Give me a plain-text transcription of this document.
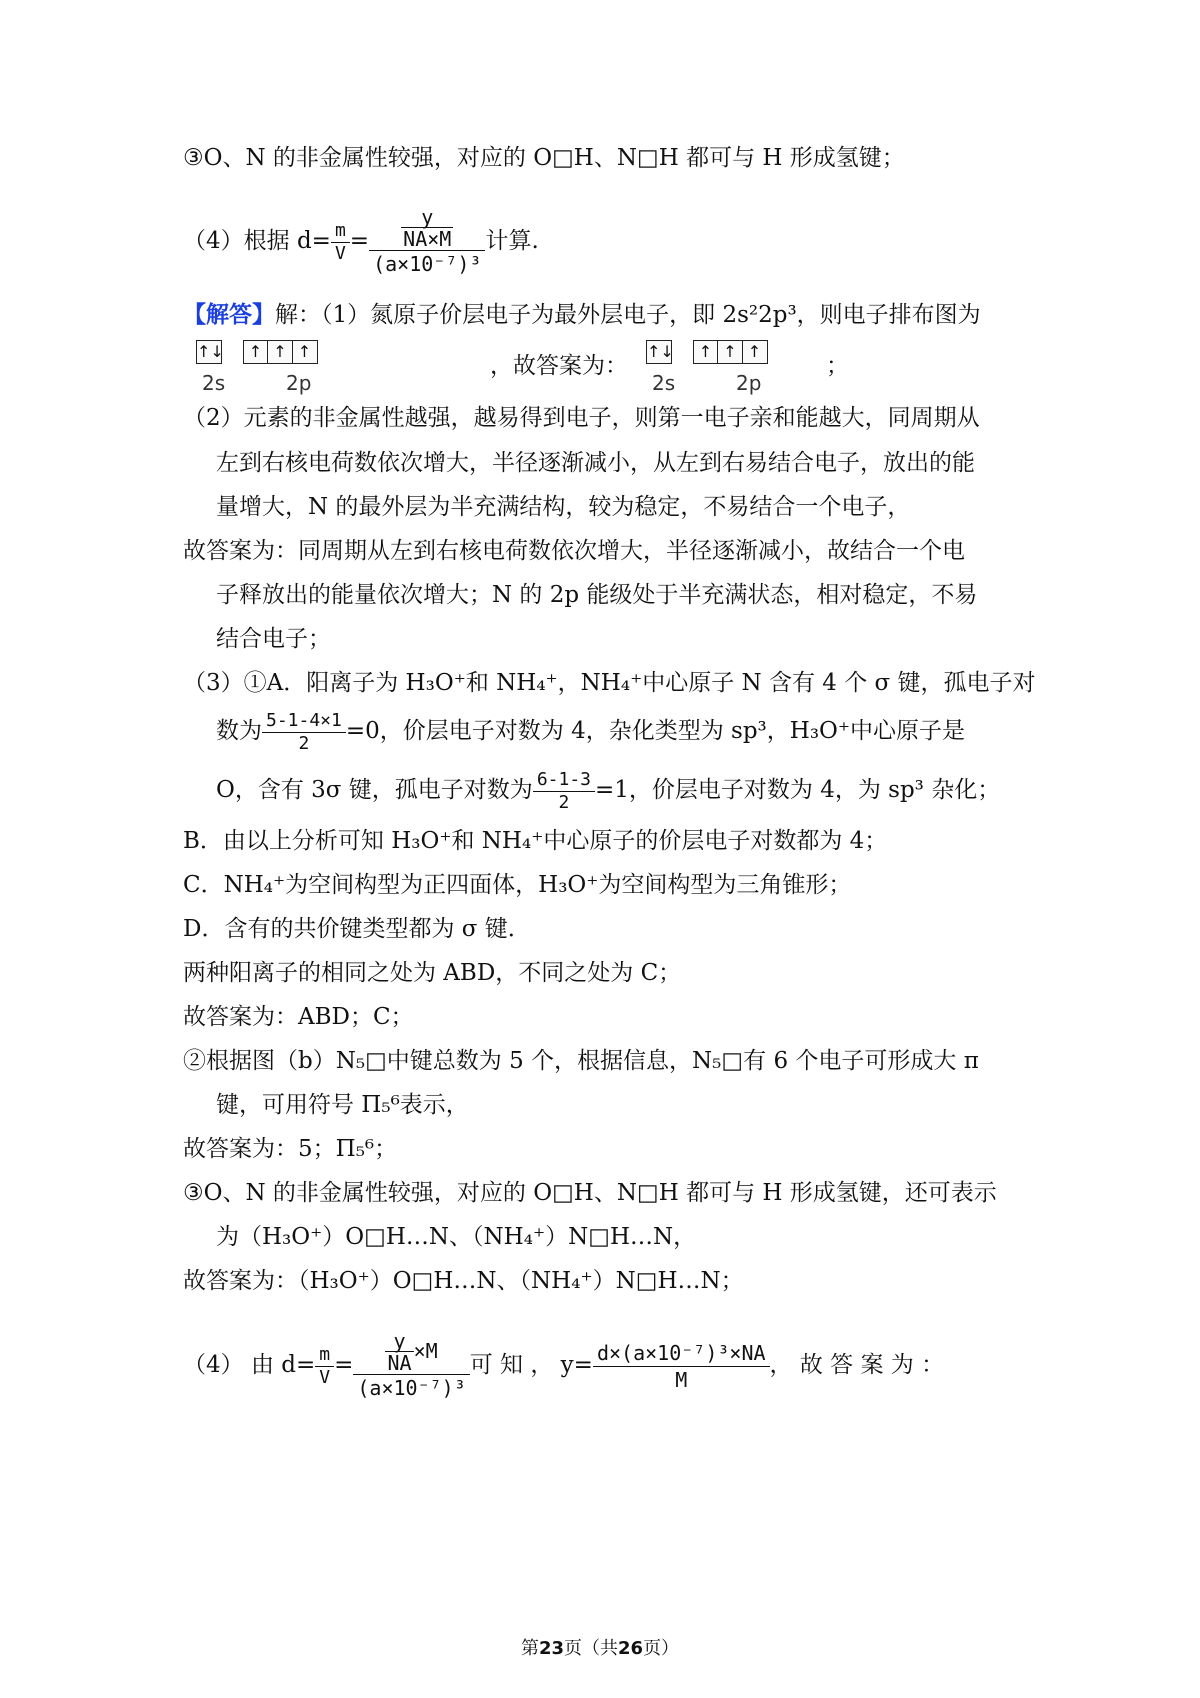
③O、N 的非金属性较强，对应的 O□H、N□H 都可与 H 形成氢键；
（4）根据 $d= \frac{m}{V} = \frac{\frac{y}{NA\times M}}{\text{(a×10⁻⁷)³}}$ 计算.
【解答】解：（1）氮原子价层电子为最外层电子，即 2s²2p³，则电子排布图为
↑↓ ↑ ↑ ↑
2s	2p
，故答案为：↑↓ ↑ ↑ ↑
2s	2p
；
（2）元素的非金属性越强，越易得到电子，则第一电子亲和能越大，同周期从
左到右核电荷数依次增大，半径逐渐减小，从左到右易结合电子，放出的能
量增大，N 的最外层为半充满结构，较为稳定，不易结合一个电子，
故答案为：同周期从左到右核电荷数依次增大，半径逐渐减小，故结合一个电
子释放出的能量依次增大；N 的 2p 能级处于半充满状态，相对稳定，不易
结合电子；
（3）①A．阳离子为 H₃O⁺和 NH₄⁺，NH₄⁺中心原子 N 含有 4 个 σ 键，孤电子对
数为 $\frac{5-1-4\times 1}{2} =0$，价层电子对数为 4，杂化类型为 sp³，H₃O⁺中心原子是
O，含有 3σ 键，孤电子对数为 $\frac{6-1-3}{2} =1$，价层电子对数为 4，为 sp³ 杂化；
B．由以上分析可知 H₃O⁺和 NH₄⁺中心原子的价层电子对数都为 4；
C．NH₄⁺为空间构型为正四面体，H₃O⁺为空间构型为三角锥形；
D．含有的共价键类型都为 σ 键．
两种阳离子的相同之处为 ABD，不同之处为 C；
故答案为：ABD；C；
②根据图（b）N₅□中键总数为 5 个，根据信息，N₅□有 6 个电子可形成大 π
键，可用符号 Π₅⁶表示，
故答案为：5；Π₅⁶；
③O、N 的非金属性较强，对应的 O□H、N□H 都可与 H 形成氢键，还可表示
为（H₃O⁺）O□H…N、（NH₄⁺）N□H…N，
故答案为：（H₃O⁺）O□H…N、（NH₄⁺）N□H…N；
（4） 由 $d= \frac{m}{V} = \frac{\frac{y}{NA} \times M}{\text{(a×10⁻⁷)³}}$ 可 知 ， $y= \frac{\text{d×(a×10⁻⁷)³×NA}}{M}$ ， 故 答 案 为 ：
第23页（共26页）
